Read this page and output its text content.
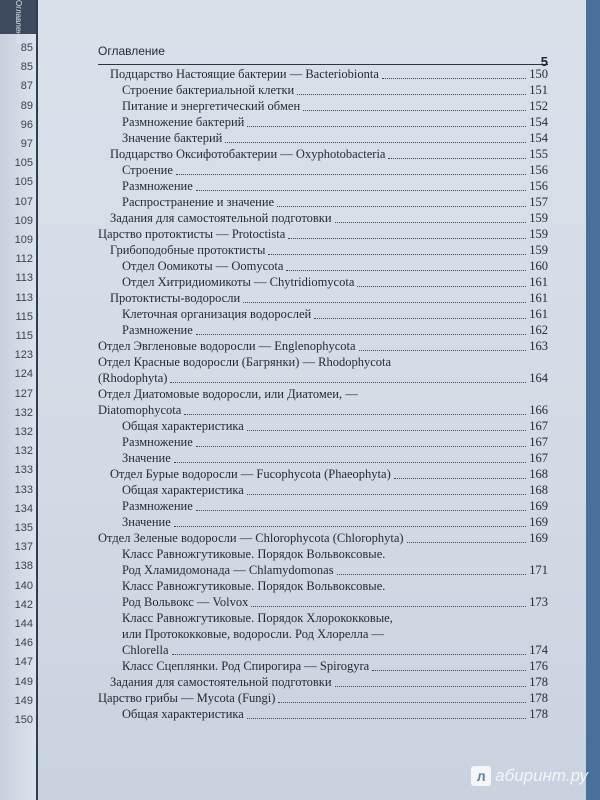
Оглавление
85
85
87
89
96
97
105
105
107
109
109
112
113
113
115
115
123
124
127
132
132
132
133
133
134
135
137
138
140
142
144
146
147
149
149
150
Оглавление
5
Подцарство Настоящие бактерии — Bacteriobionta	150
Строение бактериальной клетки	151
Питание и энергетический обмен	152
Размножение бактерий	154
Значение бактерий	154
Подцарство Оксифотобактерии — Oxyphotobacteria	155
Строение	156
Размножение	156
Распространение и значение	157
Задания для самостоятельной подготовки	159
Царство протоктисты — Protoctista	159
Грибоподобные протоктисты	159
Отдел Оомикоты — Oomycota	160
Отдел Хитридиомикоты — Chytridiomycota	161
Протоктисты-водоросли	161
Клеточная организация водорослей	161
Размножение	162
Отдел Эвгленовые водоросли — Englenophycota	163
Отдел Красные водоросли (Багрянки) — Rhodophycota
(Rhodophyta)	164
Отдел Диатомовые водоросли, или Диатомеи, —
Diatomophycota	166
Общая характеристика	167
Размножение	167
Значение	167
Отдел Бурые водоросли — Fucophycota (Phaeophyta)	168
Общая характеристика	168
Размножение	169
Значение	169
Отдел Зеленые водоросли — Chlorophycota (Chlorophyta)	169
Класс Равножгутиковые. Порядок Вольвоксовые.
Род Хламидомонада — Chlamydomonas	171
Класс Равножгутиковые. Порядок Вольвоксовые.
Род Вольвокс — Volvox	173
Класс Равножгутиковые. Порядок Хлорококковые,
или Протококковые, водоросли. Род Хлорелла —
Chlorella	174
Класс Сцеплянки. Род Спирогира — Spirogyra	176
Задания для самостоятельной подготовки	178
Царство грибы — Mycota (Fungi)	178
Общая характеристика	178
л абиринт.ру
